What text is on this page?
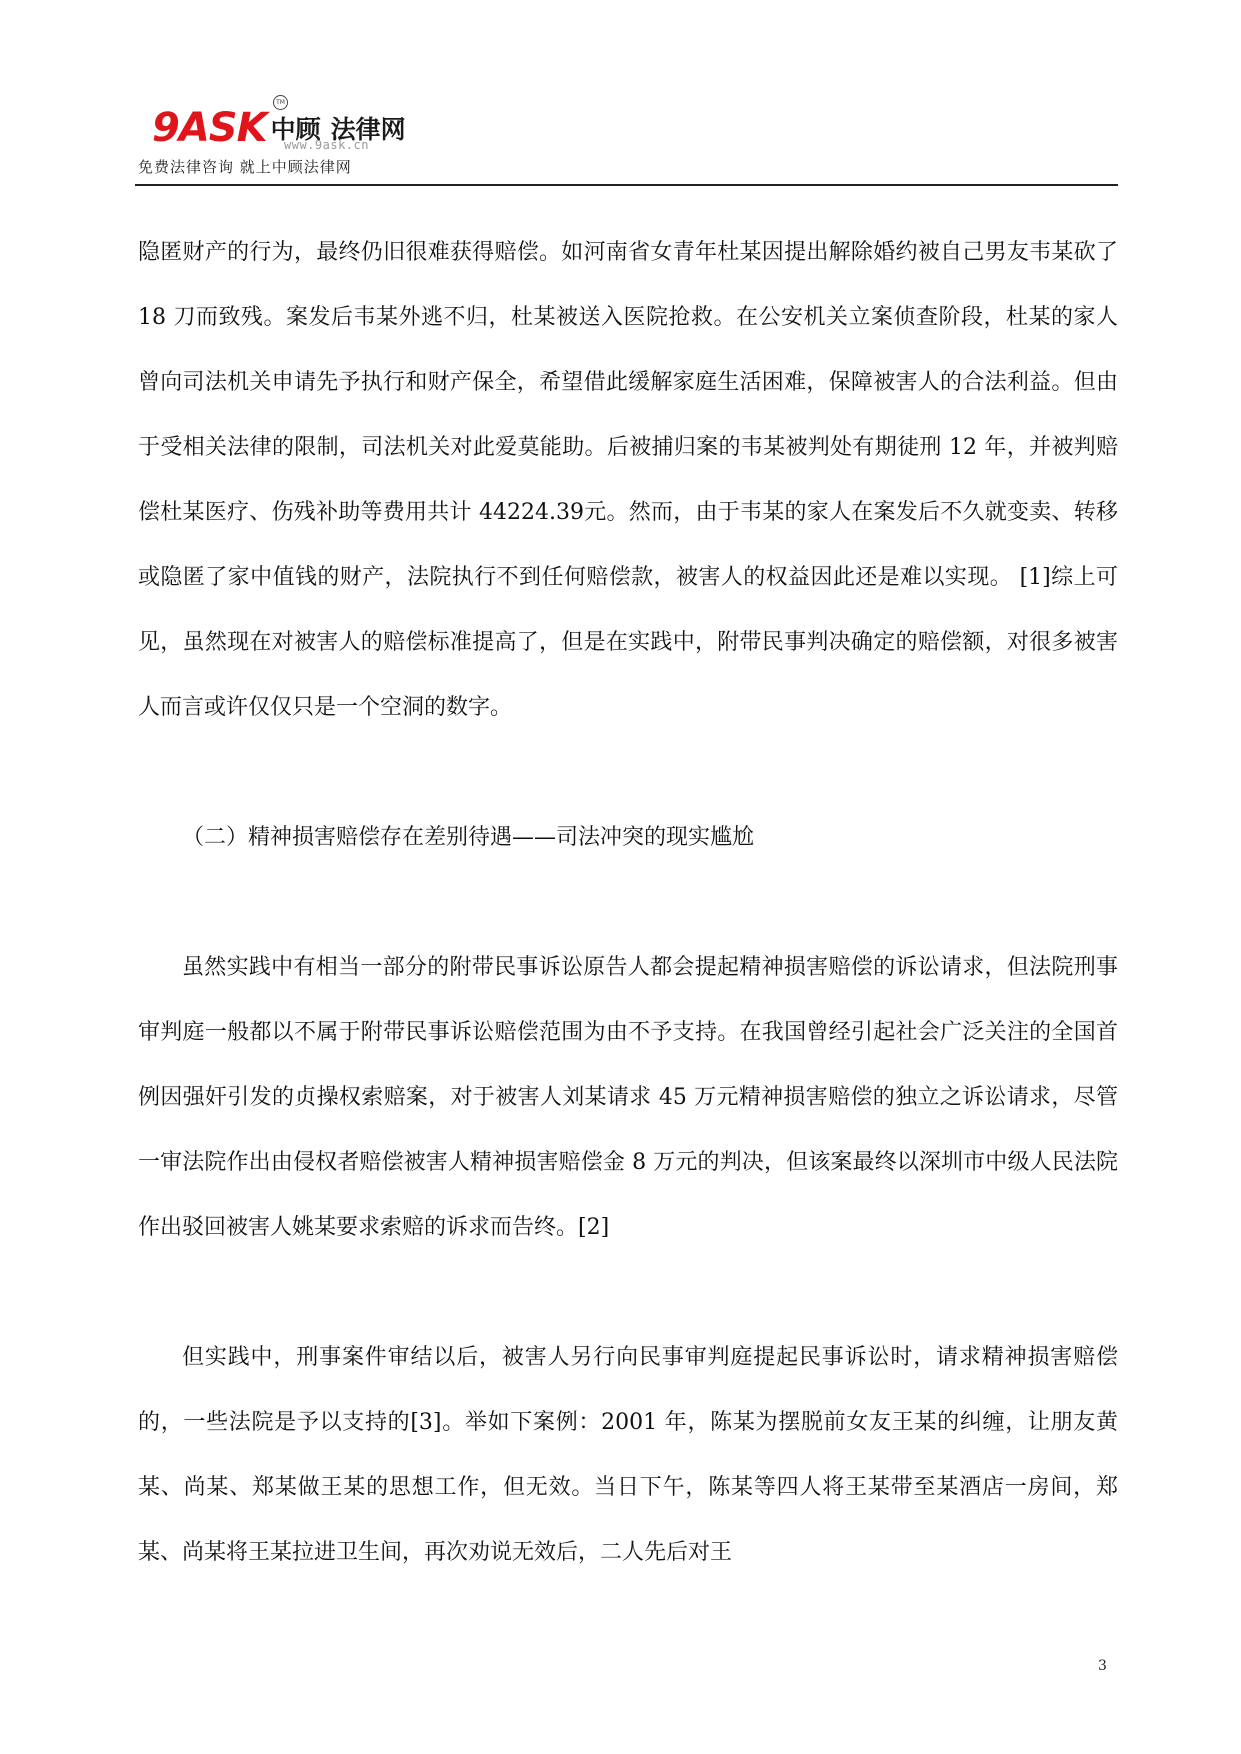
9ASK 中顾 法律网
TM
www.9ask.cn
免费法律咨询 就上中顾法律网

隐匿财产的行为，最终仍旧很难获得赔偿。如河南省女青年杜某因提出解除婚约被自己男友韦某砍了 18 刀而致残。案发后韦某外逃不归，杜某被送入医院抢救。在公安机关立案侦查阶段，杜某的家人曾向司法机关申请先予执行和财产保全，希望借此缓解家庭生活困难，保障被害人的合法利益。但由于受相关法律的限制，司法机关对此爱莫能助。后被捕归案的韦某被判处有期徒刑 12 年，并被判赔偿杜某医疗、伤残补助等费用共计 44224.39元。然而，由于韦某的家人在案发后不久就变卖、转移或隐匿了家中值钱的财产，法院执行不到任何赔偿款，被害人的权益因此还是难以实现。 [1]综上可见，虽然现在对被害人的赔偿标准提高了，但是在实践中，附带民事判决确定的赔偿额，对很多被害人而言或许仅仅只是一个空洞的数字。

（二）精神损害赔偿存在差别待遇——司法冲突的现实尴尬

虽然实践中有相当一部分的附带民事诉讼原告人都会提起精神损害赔偿的诉讼请求，但法院刑事审判庭一般都以不属于附带民事诉讼赔偿范围为由不予支持。在我国曾经引起社会广泛关注的全国首例因强奸引发的贞操权索赔案，对于被害人刘某请求 45 万元精神损害赔偿的独立之诉讼请求，尽管一审法院作出由侵权者赔偿被害人精神损害赔偿金 8 万元的判决，但该案最终以深圳市中级人民法院作出驳回被害人姚某要求索赔的诉求而告终。[2]

但实践中，刑事案件审结以后，被害人另行向民事审判庭提起民事诉讼时，请求精神损害赔偿的，一些法院是予以支持的[3]。举如下案例：2001 年，陈某为摆脱前女友王某的纠缠，让朋友黄某、尚某、郑某做王某的思想工作，但无效。当日下午，陈某等四人将王某带至某酒店一房间，郑某、尚某将王某拉进卫生间，再次劝说无效后，二人先后对王

3
